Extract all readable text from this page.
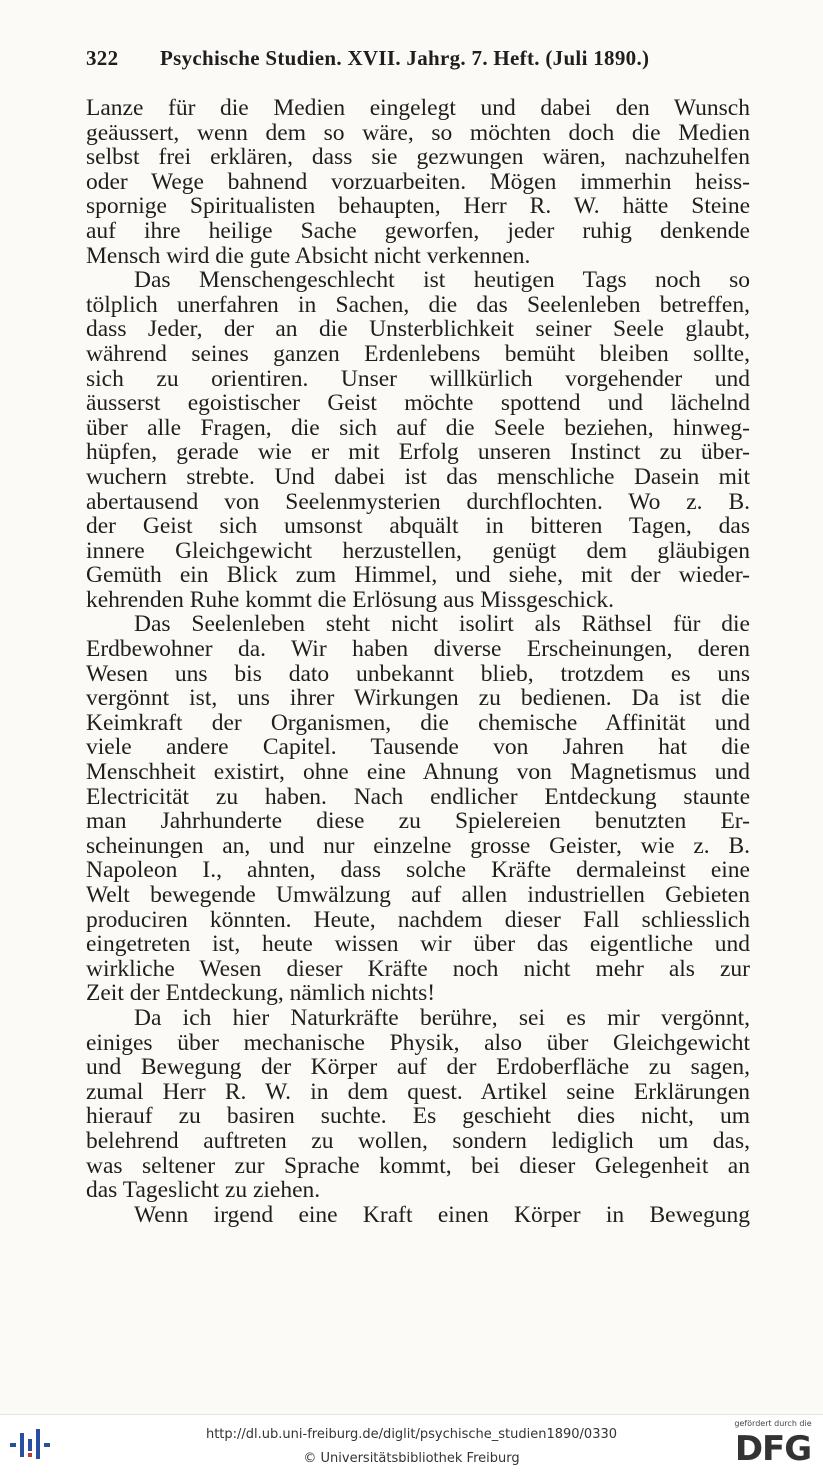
322 Psychische Studien. XVII. Jahrg. 7. Heft. (Juli 1890.)
Lanze für die Medien eingelegt und dabei den Wunsch
geäussert, wenn dem so wäre, so möchten doch die Medien
selbst frei erklären, dass sie gezwungen wären, nachzuhelfen
oder Wege bahnend vorzuarbeiten. Mögen immerhin heiss-
spornige Spiritualisten behaupten, Herr R. W. hätte Steine
auf ihre heilige Sache geworfen, jeder ruhig denkende
Mensch wird die gute Absicht nicht verkennen.
Das Menschengeschlecht ist heutigen Tags noch so
tölplich unerfahren in Sachen, die das Seelenleben betreffen,
dass Jeder, der an die Unsterblichkeit seiner Seele glaubt,
während seines ganzen Erdenlebens bemüht bleiben sollte,
sich zu orientiren. Unser willkürlich vorgehender und
äusserst egoistischer Geist möchte spottend und lächelnd
über alle Fragen, die sich auf die Seele beziehen, hinweg-
hüpfen, gerade wie er mit Erfolg unseren Instinct zu über-
wuchern strebte. Und dabei ist das menschliche Dasein mit
abertausend von Seelenmysterien durchflochten. Wo z. B.
der Geist sich umsonst abquält in bitteren Tagen, das
innere Gleichgewicht herzustellen, genügt dem gläubigen
Gemüth ein Blick zum Himmel, und siehe, mit der wieder-
kehrenden Ruhe kommt die Erlösung aus Missgeschick.
Das Seelenleben steht nicht isolirt als Räthsel für die
Erdbewohner da. Wir haben diverse Erscheinungen, deren
Wesen uns bis dato unbekannt blieb, trotzdem es uns
vergönnt ist, uns ihrer Wirkungen zu bedienen. Da ist die
Keimkraft der Organismen, die chemische Affinität und
viele andere Capitel. Tausende von Jahren hat die
Menschheit existirt, ohne eine Ahnung von Magnetismus und
Electricität zu haben. Nach endlicher Entdeckung staunte
man Jahrhunderte diese zu Spielereien benutzten Er-
scheinungen an, und nur einzelne grosse Geister, wie z. B.
Napoleon I., ahnten, dass solche Kräfte dermaleinst eine
Welt bewegende Umwälzung auf allen industriellen Gebieten
produciren könnten. Heute, nachdem dieser Fall schliesslich
eingetreten ist, heute wissen wir über das eigentliche und
wirkliche Wesen dieser Kräfte noch nicht mehr als zur
Zeit der Entdeckung, nämlich nichts!
Da ich hier Naturkräfte berühre, sei es mir vergönnt,
einiges über mechanische Physik, also über Gleichgewicht
und Bewegung der Körper auf der Erdoberfläche zu sagen,
zumal Herr R. W. in dem quest. Artikel seine Erklärungen
hierauf zu basiren suchte. Es geschieht dies nicht, um
belehrend auftreten zu wollen, sondern lediglich um das,
was seltener zur Sprache kommt, bei dieser Gelegenheit an
das Tageslicht zu ziehen.
Wenn irgend eine Kraft einen Körper in Bewegung
http://dl.ub.uni-freiburg.de/diglit/psychische_studien1890/0330
© Universitätsbibliothek Freiburg
gefördert durch die
DFG
